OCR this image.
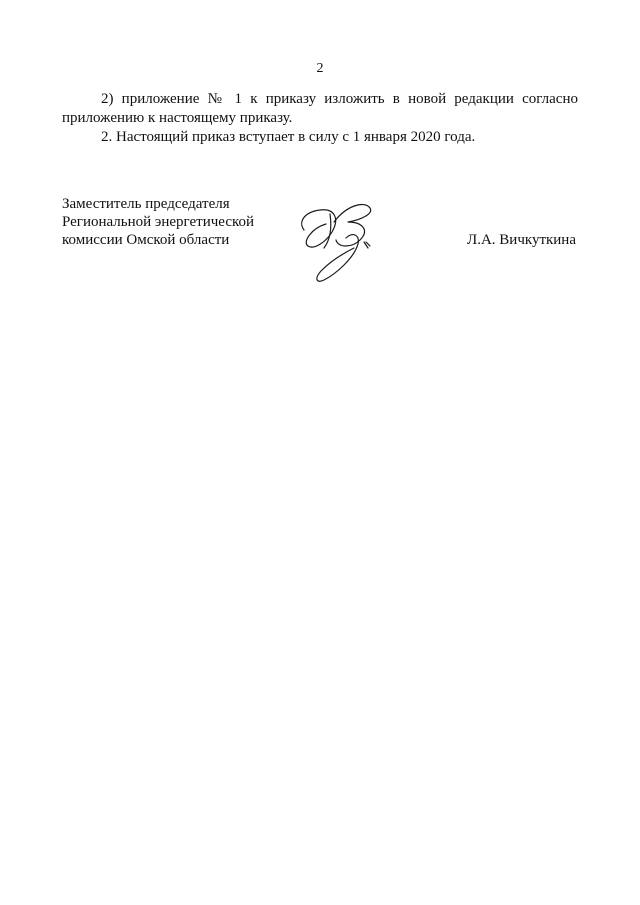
2

2) приложение № 1 к приказу изложить в новой редакции согласно

приложению к настоящему приказу.

2. Настоящий приказ вступает в силу с 1 января 2020 года.

Заместитель председателя
Региональной энергетической
комиссии Омской области	Л.А. Вичкуткина
